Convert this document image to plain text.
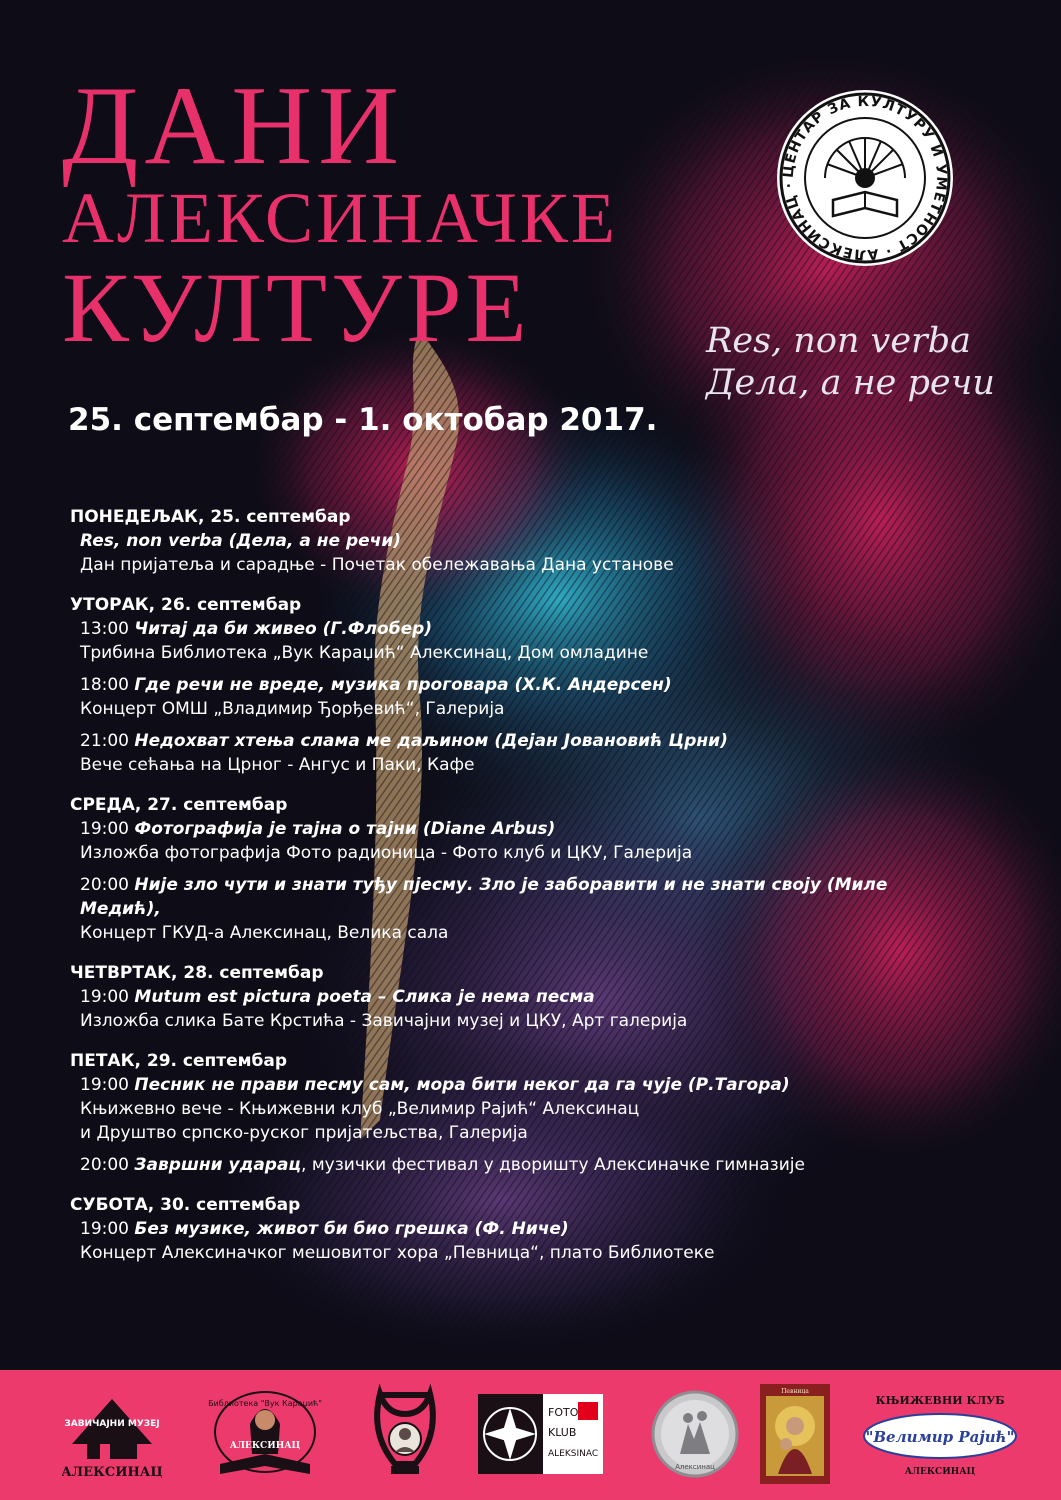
ДАНИ
АЛЕКСИНАЧКЕ
КУЛТУРЕ
ЦЕНТАР ЗА КУЛТУРУ И УМЕТНОСТ · АЛЕКСИНАЦ ·
Res, non verba
Дела, а не речи
25. септембар - 1. октобар 2017.
ПОНЕДЕЉАК, 25. септембар
Res, non verba (Дела, а не речи)
Дан пријатеља и сарадње - Почетак обележавања Дана установе
УТОРАК, 26. септембар
13:00 Читај да би живео (Г.Флобер)
Трибина Библиотека „Вук Караџић“ Алексинац, Дом омладине
18:00 Где речи не вреде, музика проговара (Х.К. Андерсен)
Концерт ОМШ „Владимир Ђорђевић“, Галерија
21:00 Недохват хтења слама ме даљином (Дејан Јовановић Црни)
Вече сећања на Црног - Ангус и Паки, Кафе
СРЕДА, 27. септембар
19:00 Фотографија је тајна о тајни (Diane Arbus)
Изложба фотографија Фото радионица - Фото клуб и ЦКУ, Галерија
20:00 Није зло чути и знати туђу пјесму. Зло је заборавити и не знати своју (Миле Медић),
Концерт ГКУД-а Алексинац, Велика сала
ЧЕТВРТАК, 28. септембар
19:00 Mutum est pictura poeta – Слика је нема песма
Изложба слика Бате Крстића - Завичајни музеј и ЦКУ, Арт галерија
ПЕТАК, 29. септембар
19:00 Песник не прави песму сам, мора бити неког да га чује (Р.Тагора)
Књижевно вече - Књижевни клуб „Велимир Рајић“ Алексинац
и Друштво српско-руског пријатељства, Галерија
20:00 Завршни ударац, музички фестивал у дворишту Алексиначке гимназије
СУБОТА, 30. септембар
19:00 Без музике, живот би био грешка (Ф. Ниче)
Концерт Алексиначког мешовитог хора „Певница“, плато Библиотеке
ЗАВИЧАЈНИ МУЗЕЈ
АЛЕКСИНАЦ
Библиотека "Вук Караџић"
АЛЕКСИНАЦ
FOTO
KLUB
ALEKSINAC
Алексинац
Певница
КЊИЖЕВНИ КЛУБ
"Велимир Рајић"
АЛЕКСИНАЦ
